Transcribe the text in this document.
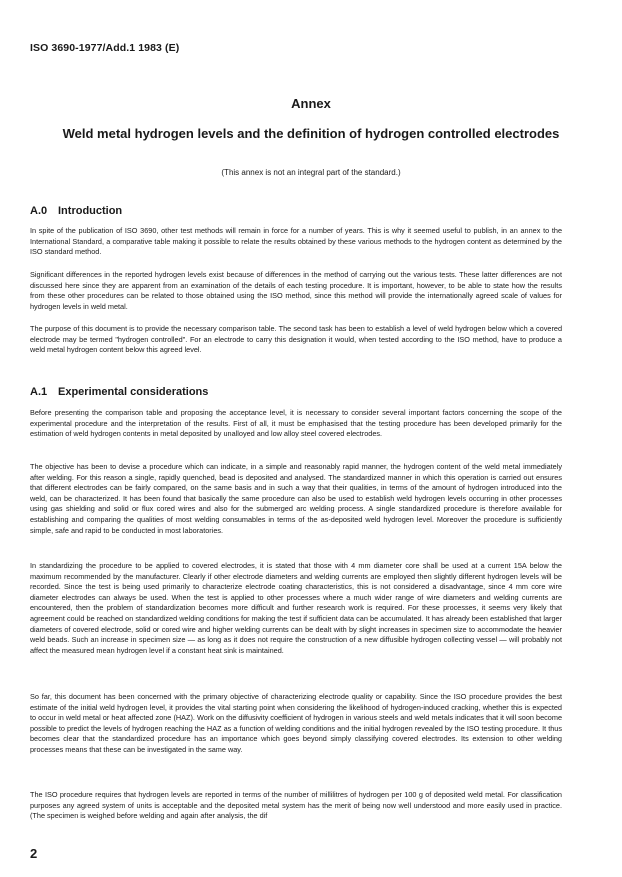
ISO 3690-1977/Add.1 1983 (E)
Annex
Weld metal hydrogen levels and the definition of hydrogen controlled electrodes
(This annex is not an integral part of the standard.)
A.0 Introduction

In spite of the publication of ISO 3690, other test methods will remain in force for a number of years. This is why it seemed useful to publish, in an annex to the International Standard, a comparative table making it possible to relate the results obtained by these various methods to the hydrogen content as determined by the ISO standard method.

Significant differences in the reported hydrogen levels exist because of differences in the method of carrying out the various tests. These latter differences are not discussed here since they are apparent from an examination of the details of each testing procedure. It is important, however, to be able to state how the results from these other procedures can be related to those obtained using the ISO method, since this method will provide the internationally agreed scale of values for hydrogen levels in weld metal.

The purpose of this document is to provide the necessary comparison table. The second task has been to establish a level of weld hydrogen below which a covered electrode may be termed "hydrogen controlled". For an electrode to carry this designation it would, when tested according to the ISO method, have to produce a weld metal hydrogen content below this agreed level.

A.1 Experimental considerations

Before presenting the comparison table and proposing the acceptance level, it is necessary to consider several important factors concerning the scope of the experimental procedure and the interpretation of the results. First of all, it must be emphasised that the testing procedure has been developed primarily for the estimation of weld hydrogen contents in metal deposited by unalloyed and low alloy steel covered electrodes.

The objective has been to devise a procedure which can indicate, in a simple and reasonably rapid manner, the hydrogen content of the weld metal immediately after welding. For this reason a single, rapidly quenched, bead is deposited and analysed. The standardized manner in which this operation is carried out ensures that different electrodes can be fairly compared, on the same basis and in such a way that their qualities, in terms of the amount of hydrogen introduced into the weld, can be characterized. It has been found that basically the same procedure can also be used to establish weld hydrogen levels occurring in other processes using gas shielding and solid or flux cored wires and also for the submerged arc welding process. A single standardized procedure is therefore available for establishing and comparing the qualities of most welding consumables in terms of the as-deposited weld hydrogen level. Moreover the procedure is sufficiently simple, safe and rapid to be conducted in most laboratories.

In standardizing the procedure to be applied to covered electrodes, it is stated that those with 4 mm diameter core shall be used at a current 15A below the maximum recommended by the manufacturer. Clearly if other electrode diameters and welding currents are employed then slightly different hydrogen levels will be recorded. Since the test is being used primarily to characterize electrode coating characteristics, this is not considered a disadvantage, since 4 mm core wire diameter electrodes can always be used. When the test is applied to other processes where a much wider range of wire diameters and welding currents are encountered, then the problem of standardization becomes more difficult and further research work is required. For these processes, it seems very likely that agreement could be reached on standardized welding conditions for making the test if sufficient data can be accumulated. It has already been established that larger diameters of covered electrode, solid or cored wire and higher welding currents can be dealt with by slight increases in specimen size to accommodate the heavier weld beads. Such an increase in specimen size — as long as it does not require the construction of a new diffusible hydrogen collecting vessel — will probably not affect the measured mean hydrogen level if a constant heat sink is maintained.

So far, this document has been concerned with the primary objective of characterizing electrode quality or capability. Since the ISO procedure provides the best estimate of the initial weld hydrogen level, it provides the vital starting point when considering the likelihood of hydrogen-induced cracking, whether this is expected to occur in weld metal or heat affected zone (HAZ). Work on the diffusivity coefficient of hydrogen in various steels and weld metals indicates that it will soon become possible to predict the levels of hydrogen reaching the HAZ as a function of welding conditions and the initial hydrogen revealed by the ISO testing procedure. It thus becomes clear that the standardized procedure has an importance which goes beyond simply classifying covered electrodes. Its extension to other welding processes means that these can be investigated in the same way.

The ISO procedure requires that hydrogen levels are reported in terms of the number of millilitres of hydrogen per 100 g of deposited weld metal. For classification purposes any agreed system of units is acceptable and the deposited metal system has the merit of being now well understood and more easily used in practice. (The specimen is weighed before welding and again after analysis, the dif

2
